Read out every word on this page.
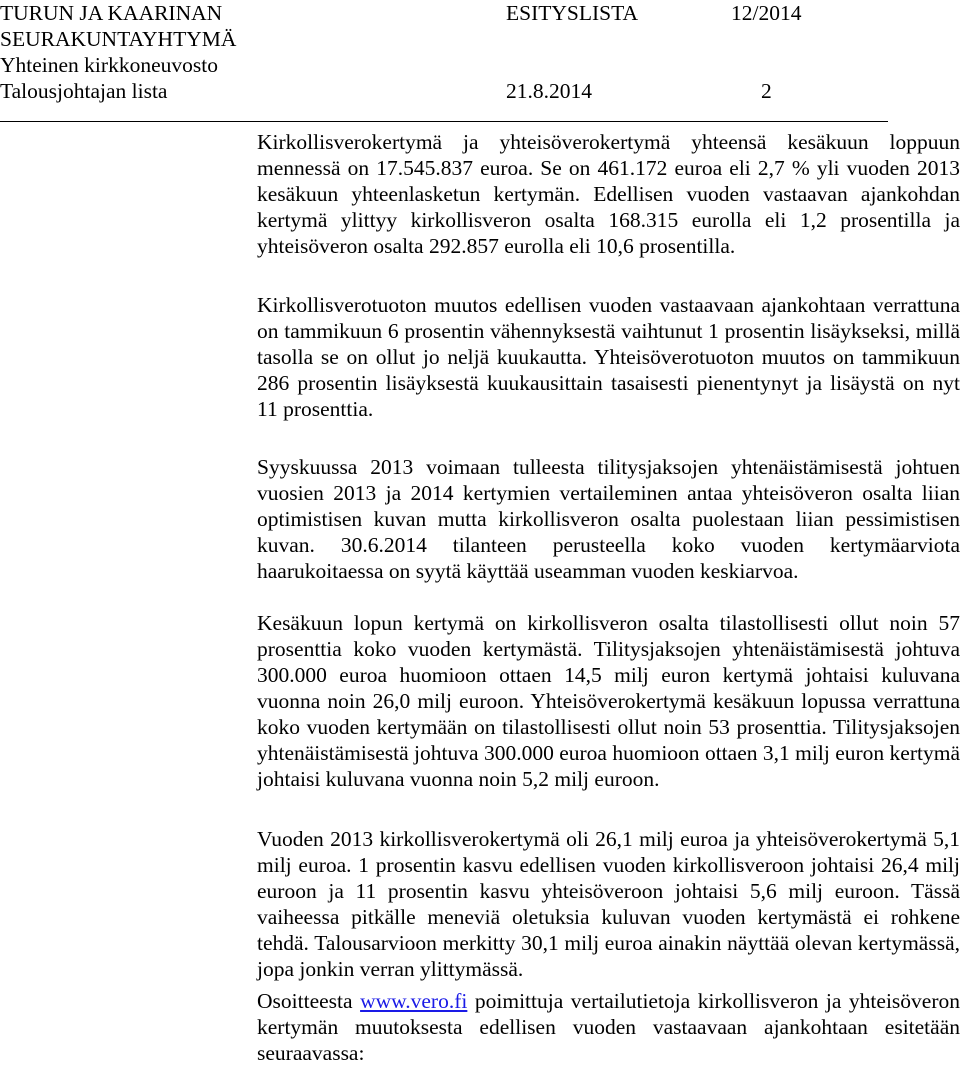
TURUN JA KAARINAN
SEURAKUNTAYHTYMÄ
Yhteinen kirkkoneuvosto
Talousjohtajan lista
ESITYSLISTA	12/2014
21.8.2014	2
Kirkollisverokertymä ja yhteisöverokertymä yhteensä kesäkuun loppuun mennessä on 17.545.837 euroa. Se on 461.172 euroa eli 2,7 % yli vuoden 2013 kesäkuun yhteenlasketun kertymän. Edellisen vuoden vastaavan ajankohdan kertymä ylittyy kirkollisveron osalta 168.315 eurolla eli 1,2 prosentilla ja yhteisöveron osalta 292.857 eurolla eli 10,6 prosentilla.
Kirkollisverotuoton muutos edellisen vuoden vastaavaan ajankohtaan verrattuna on tammikuun 6 prosentin vähennyksestä vaihtunut 1 prosentin lisäykseksi, millä tasolla se on ollut jo neljä kuukautta. Yhteisöverotuoton muutos on tammikuun 286 prosentin lisäyksestä kuukausittain tasaisesti pienentynyt ja lisäystä on nyt 11 prosenttia.
Syyskuussa 2013 voimaan tulleesta tilitysjaksojen yhtenäistämisestä johtuen vuosien 2013 ja 2014 kertymien vertaileminen antaa yhteisöveron osalta liian optimistisen kuvan mutta kirkollisveron osalta puolestaan liian pessimistisen kuvan. 30.6.2014 tilanteen perusteella koko vuoden kertymäarviota haarukoitaessa on syytä käyttää useamman vuoden keskiarvoa.
Kesäkuun lopun kertymä on kirkollisveron osalta tilastollisesti ollut noin 57 prosenttia koko vuoden kertymästä. Tilitysjaksojen yhtenäistämisestä johtuva 300.000 euroa huomioon ottaen 14,5 milj euron kertymä johtaisi kuluvana vuonna noin 26,0 milj euroon. Yhteisöverokertymä kesäkuun lopussa verrattuna koko vuoden kertymään on tilastollisesti ollut noin 53 prosenttia. Tilitysjaksojen yhtenäistämisestä johtuva 300.000 euroa huomioon ottaen 3,1 milj euron kertymä johtaisi kuluvana vuonna noin 5,2 milj euroon.
Vuoden 2013 kirkollisverokertymä oli 26,1 milj euroa ja yhteisöverokertymä 5,1 milj euroa. 1 prosentin kasvu edellisen vuoden kirkollisveroon johtaisi 26,4 milj euroon ja 11 prosentin kasvu yhteisöveroon johtaisi 5,6 milj euroon. Tässä vaiheessa pitkälle meneviä oletuksia kuluvan vuoden kertymästä ei rohkene tehdä. Talousarvioon merkitty 30,1 milj euroa ainakin näyttää olevan kertymässä, jopa jonkin verran ylittymässä.
Osoitteesta www.vero.fi poimittuja vertailutietoja kirkollisveron ja yhteisöveron kertymän muutoksesta edellisen vuoden vastaavaan ajankohtaan esitetään seuraavassa:
